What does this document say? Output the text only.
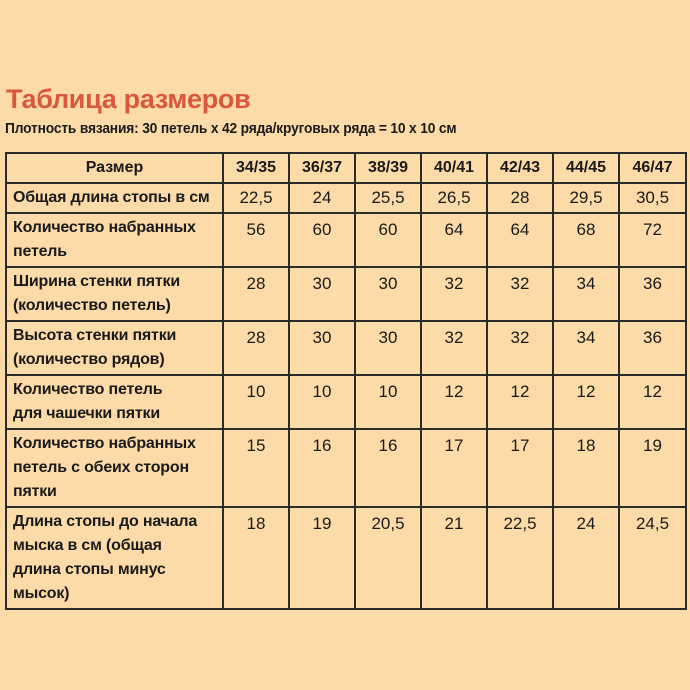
Таблица размеров
Плотность вязания: 30 петель х 42 ряда/круговых ряда = 10 х 10 см
Размер	34/35	36/37	38/39	40/41	42/43	44/45	46/47

Общая длина стопы в см	22,5	24	25,5	26,5	28	29,5	30,5

Количество набранных
петель	56	60	60	64	64	68	72

Ширина стенки пятки
(количество петель)	28	30	30	32	32	34	36

Высота стенки пятки
(количество рядов)	28	30	30	32	32	34	36

Количество петель
для чашечки пятки	10	10	10	12	12	12	12

Количество набранных
петель с обеих сторон
пятки	15	16	16	17	17	18	19

Длина стопы до начала
мыска в см (общая
длина стопы минус
мысок)	18	19	20,5	21	22,5	24	24,5
